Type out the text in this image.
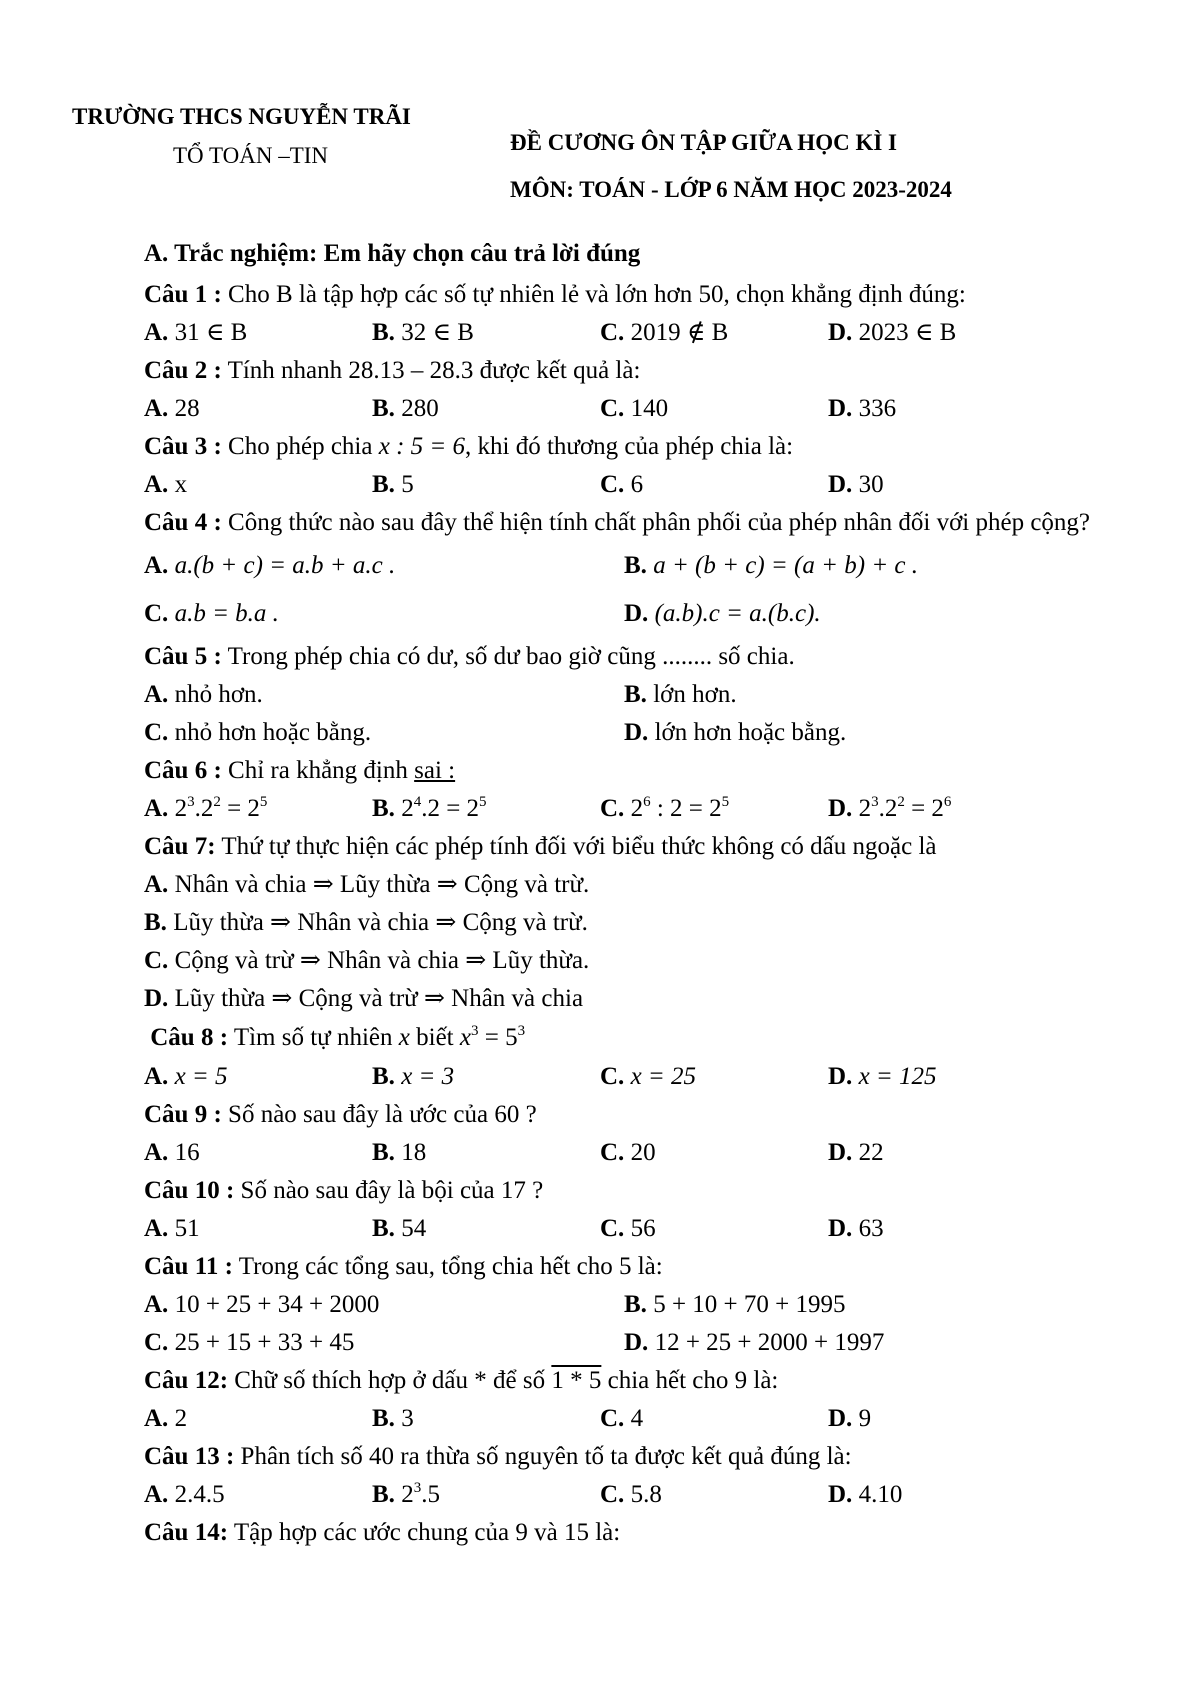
TRƯỜNG THCS NGUYỄN TRÃI
TỔ TOÁN –TIN
ĐỀ CƯƠNG ÔN TẬP GIỮA HỌC KÌ I
MÔN: TOÁN - LỚP 6 NĂM HỌC 2023-2024
A. Trắc nghiệm: Em hãy chọn câu trả lời đúng
Câu 1 : Cho B là tập hợp các số tự nhiên lẻ và lớn hơn 50, chọn khẳng định đúng:
A. 31 ∈ B	B. 32 ∈ B	C. 2019 ∉ B	D. 2023 ∈ B
Câu 2 : Tính nhanh 28.13 – 28.3 được kết quả là:
A. 28	B. 280	C. 140	D. 336
Câu 3 : Cho phép chia x : 5 = 6, khi đó thương của phép chia là:
A. x	B. 5	C. 6	D. 30
Câu 4 : Công thức nào sau đây thể hiện tính chất phân phối của phép nhân đối với phép cộng?
A. a.(b + c) = a.b + a.c .	B. a + (b + c) = (a + b) + c .
C. a.b = b.a .	D. (a.b).c = a.(b.c).
Câu 5 : Trong phép chia có dư, số dư bao giờ cũng ........ số chia.
A. nhỏ hơn.	B. lớn hơn.
C. nhỏ hơn hoặc bằng.	D. lớn hơn hoặc bằng.
Câu 6 : Chỉ ra khẳng định sai :
A. $2^3.2^2 = 2^5$	B. $2^4.2 = 2^5$	C. $2^6$ : $2 = 2^5$	D. $2^3.2^2 = 2^6$
Câu 7: Thứ tự thực hiện các phép tính đối với biểu thức không có dấu ngoặc là
A. Nhân và chia ⇒ Lũy thừa ⇒ Cộng và trừ.
B. Lũy thừa ⇒ Nhân và chia ⇒ Cộng và trừ.
C. Cộng và trừ ⇒ Nhân và chia ⇒ Lũy thừa.
D. Lũy thừa ⇒ Cộng và trừ ⇒ Nhân và chia
Câu 8 : Tìm số tự nhiên x biết $x^3 = 5^3$
A. x = 5	B. x = 3	C. x = 25	D. x = 125
Câu 9 : Số nào sau đây là ước của 60 ?
A. 16	B. 18	C. 20	D. 22
Câu 10 : Số nào sau đây là bội của 17 ?
A. 51	B. 54	C. 56	D. 63
Câu 11 : Trong các tổng sau, tổng chia hết cho 5 là:
A. 10 + 25 + 34 + 2000	B. 5 + 10 + 70 + 1995
C. 25 + 15 + 33 + 45	D. 12 + 25 + 2000 + 1997
Câu 12: Chữ số thích hợp ở dấu * để số 1 * 5 chia hết cho 9 là:
A. 2	B. 3	C. 4	D. 9
Câu 13 : Phân tích số 40 ra thừa số nguyên tố ta được kết quả đúng là:
A. 2.4.5	B. $2^3.5$	C. 5.8	D. 4.10
Câu 14: Tập hợp các ước chung của 9 và 15 là:
